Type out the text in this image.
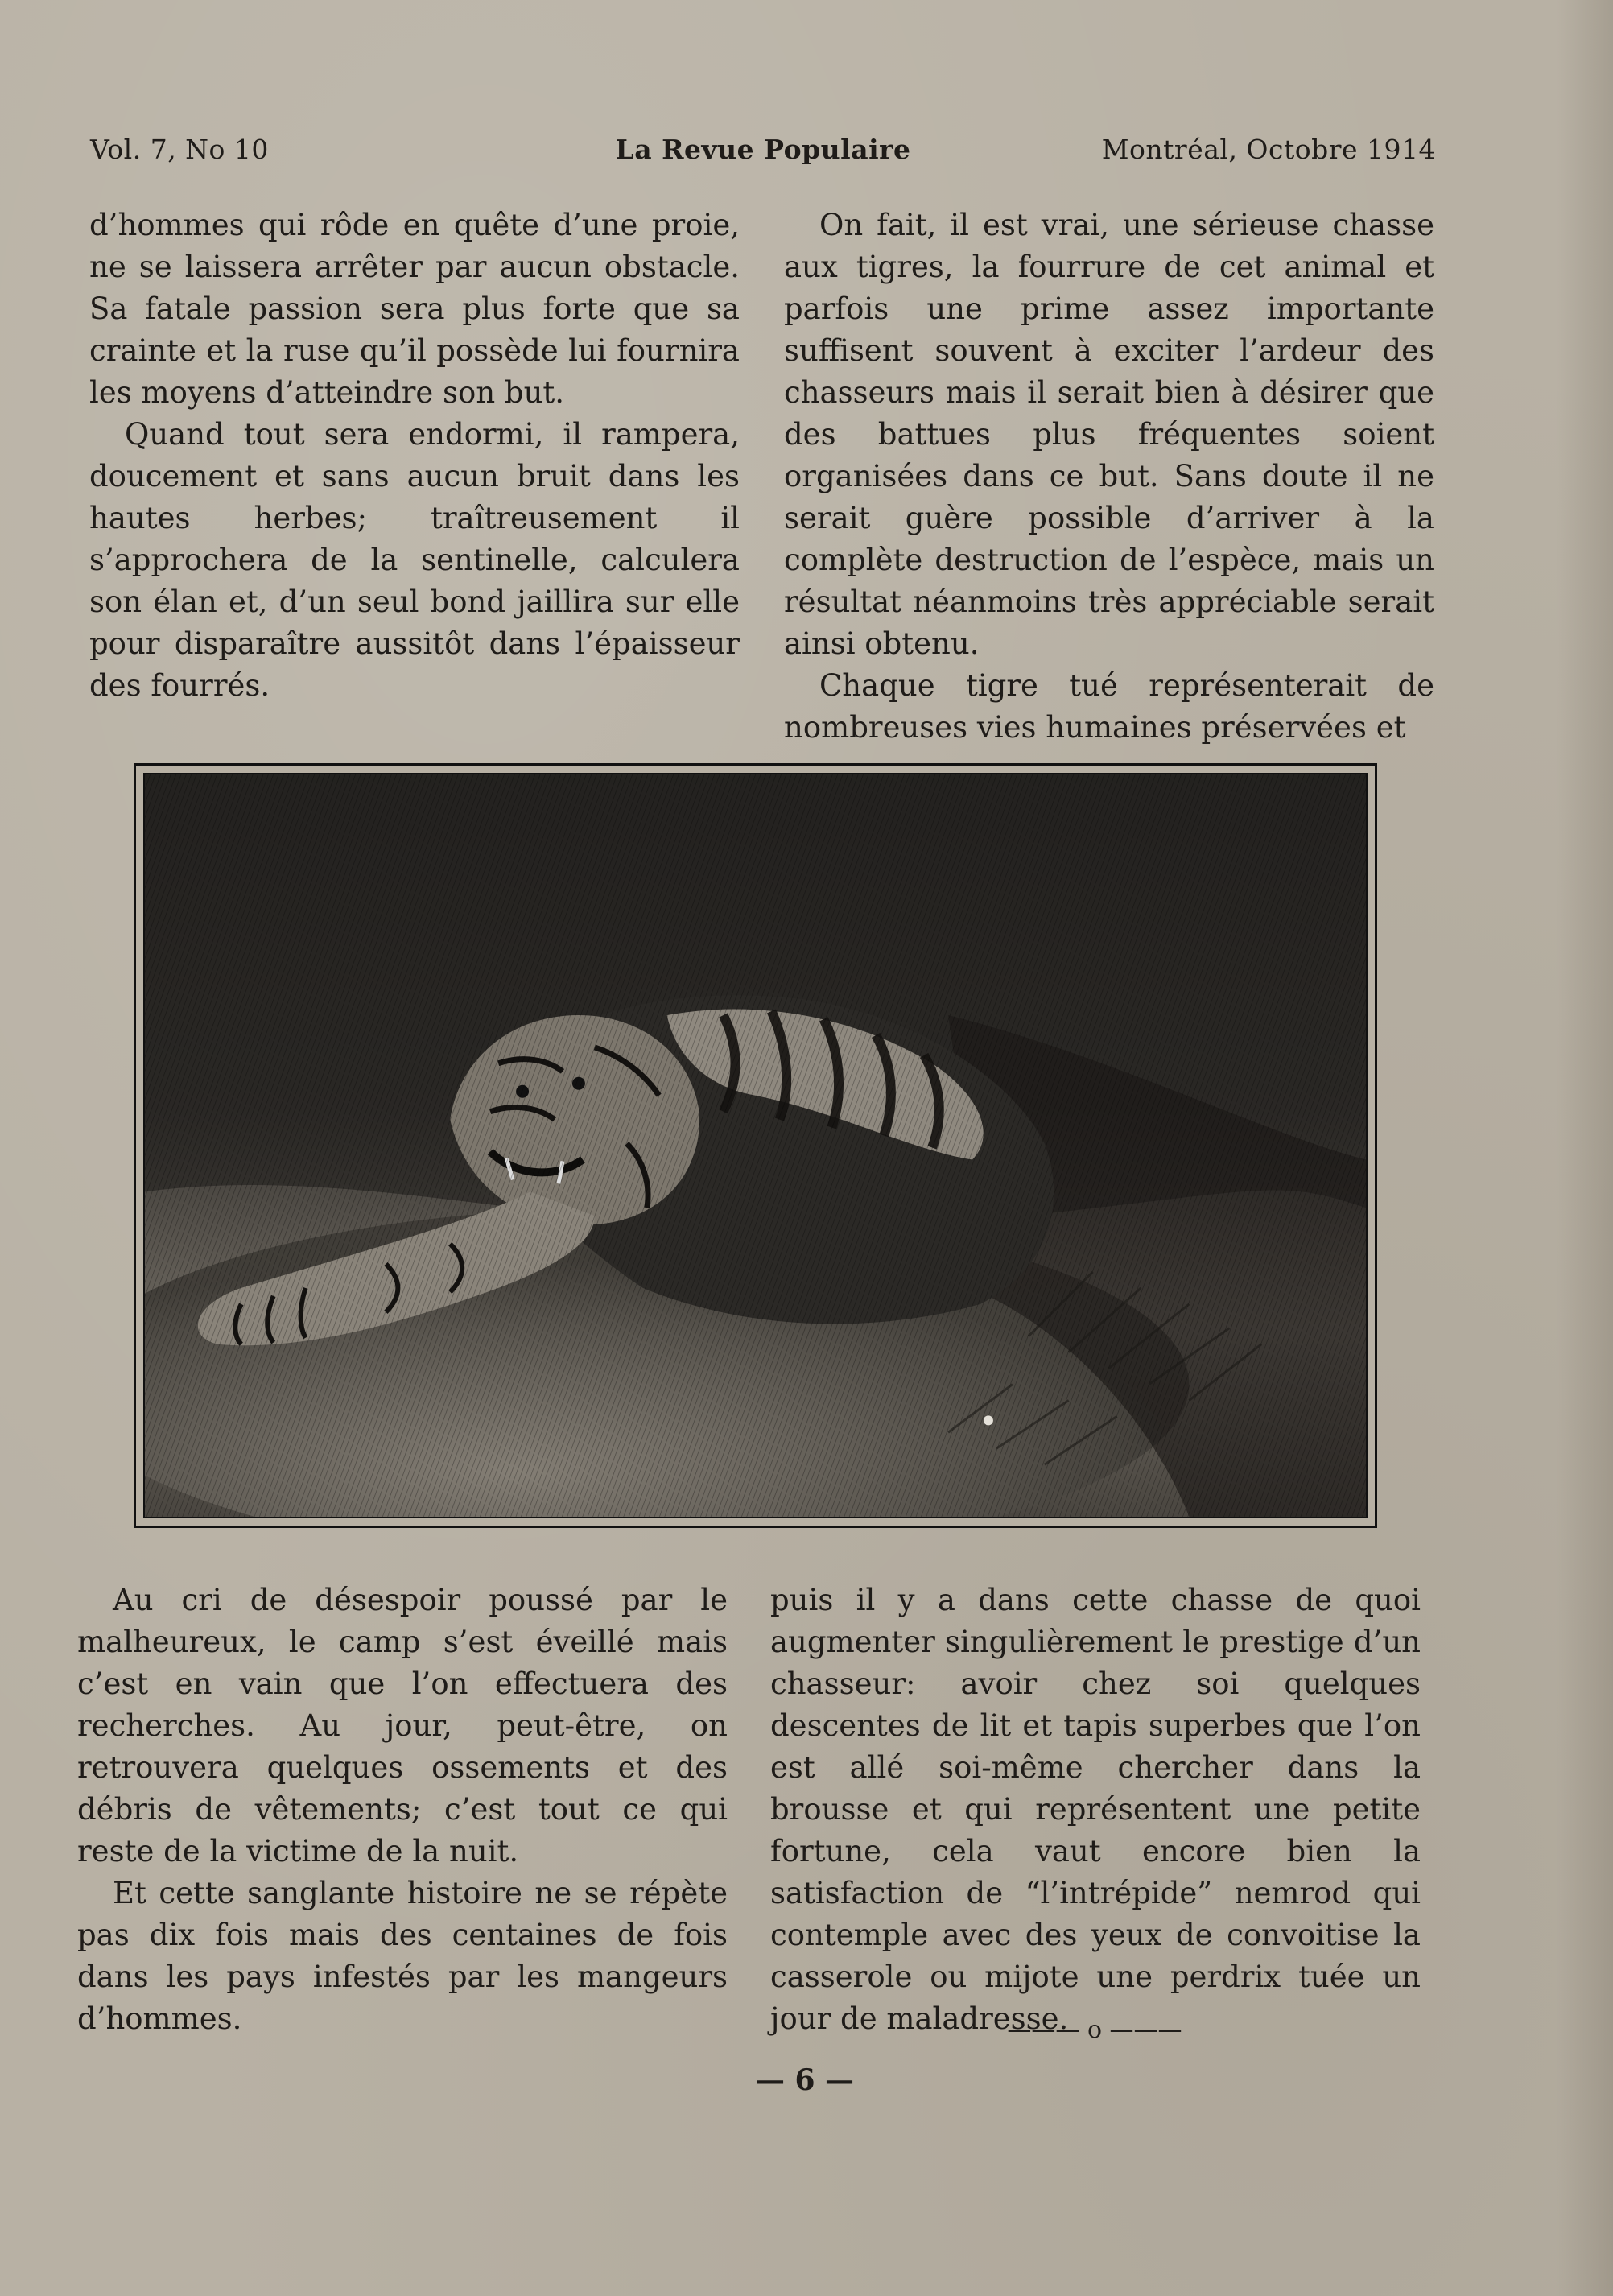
Vol. 7, No 10	La Revue Populaire	Montréal, Octobre 1914

d’hommes qui rôde en quête d’une proie, ne se laissera arrêter par aucun obstacle. Sa fatale passion sera plus forte que sa crainte et la ruse qu’il possède lui fournira les moyens d’atteindre son but.

Quand tout sera endormi, il rampera, doucement et sans aucun bruit dans les hautes herbes; traîtreusement il s’approchera de la sentinelle, calculera son élan et, d’un seul bond jaillira sur elle pour disparaître aussitôt dans l’épaisseur des fourrés.

On fait, il est vrai, une sérieuse chasse aux tigres, la fourrure de cet animal et parfois une prime assez importante suffisent souvent à exciter l’ardeur des chasseurs mais il serait bien à désirer que des battues plus fréquentes soient organisées dans ce but. Sans doute il ne serait guère possible d’arriver à la complète destruction de l’espèce, mais un résultat néanmoins très appréciable serait ainsi obtenu.

Chaque tigre tué représenterait de nombreuses vies humaines préservées et

Au cri de désespoir poussé par le malheureux, le camp s’est éveillé mais c’est en vain que l’on effectuera des recherches. Au jour, peut-être, on retrouvera quelques ossements et des débris de vêtements; c’est tout ce qui reste de la victime de la nuit.

Et cette sanglante histoire ne se répète pas dix fois mais des centaines de fois dans les pays infestés par les mangeurs d’hommes.

puis il y a dans cette chasse de quoi augmenter singulièrement le prestige d’un chasseur: avoir chez soi quelques descentes de lit et tapis superbes que l’on est allé soi-même chercher dans la brousse et qui représentent une petite fortune, cela vaut encore bien la satisfaction de “l’intrépide” nemrod qui contemple avec des yeux de convoitise la casserole ou mijote une perdrix tuée un jour de maladresse.

——— o ———
— 6 —
